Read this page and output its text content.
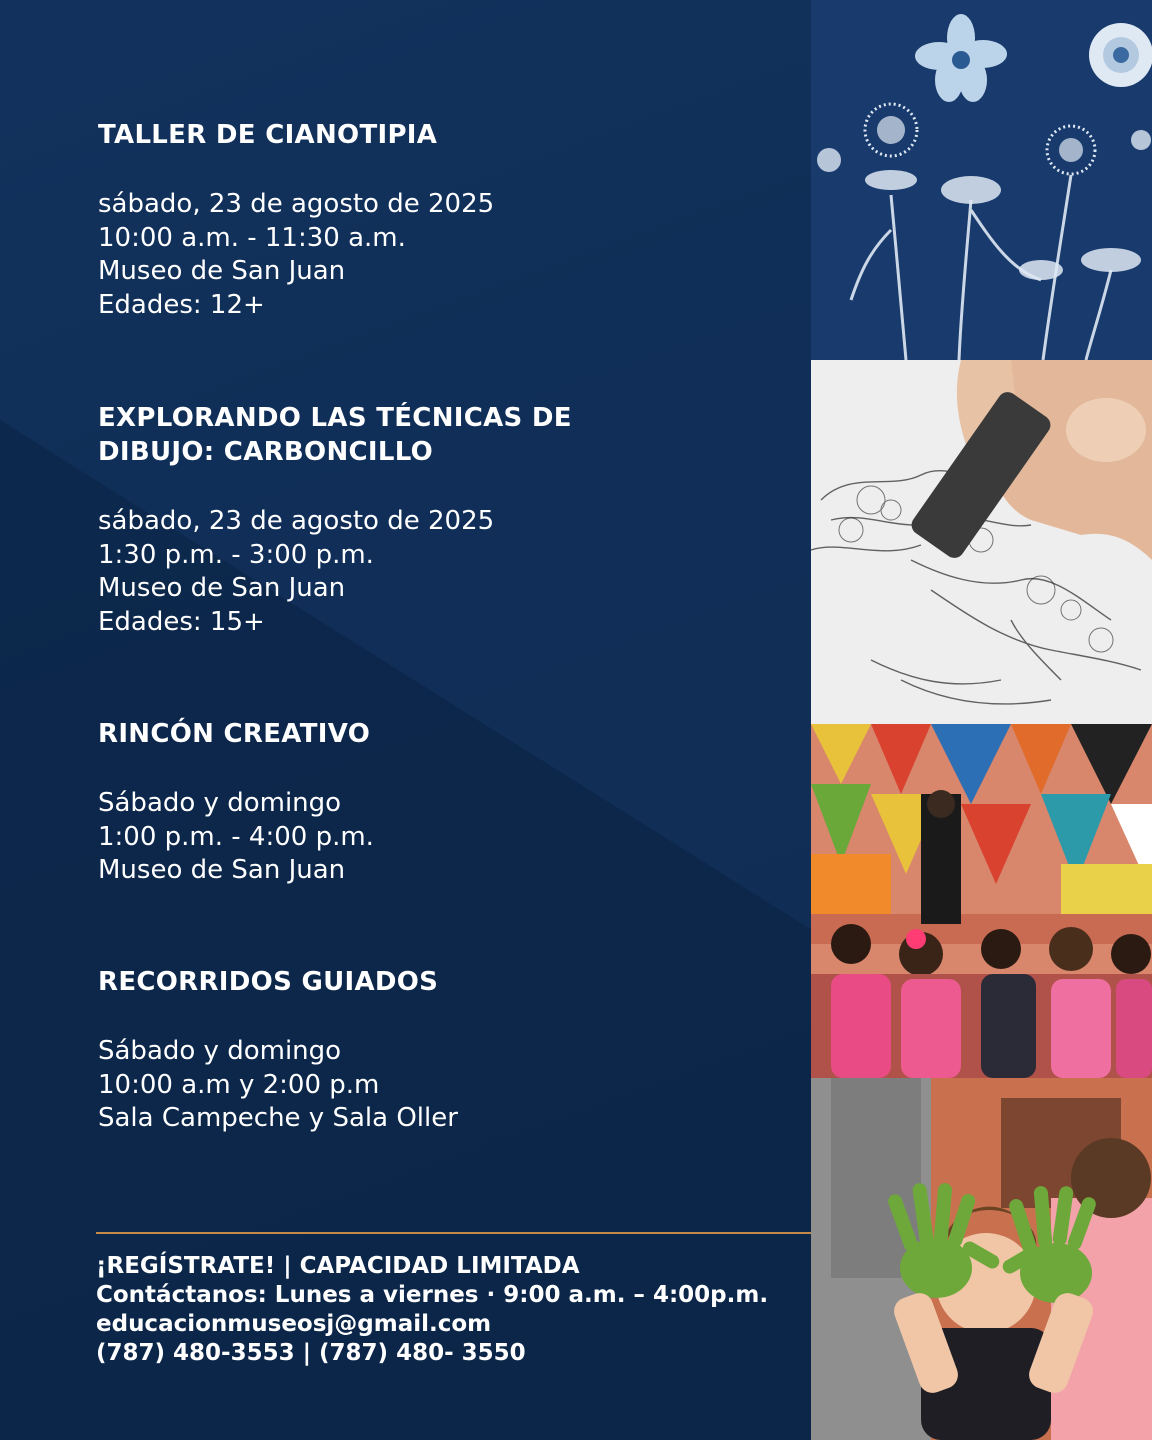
TALLER DE CIANOTIPIA
sábado, 23 de agosto de 2025
10:00 a.m. - 11:30 a.m.
Museo de San Juan
Edades: 12+
EXPLORANDO LAS TÉCNICAS DE
DIBUJO: CARBONCILLO
sábado, 23 de agosto de 2025
1:30 p.m. - 3:00 p.m.
Museo de San Juan
Edades: 15+
RINCÓN CREATIVO
Sábado y domingo
1:00 p.m. - 4:00 p.m.
Museo de San Juan
RECORRIDOS GUIADOS
Sábado y domingo
10:00 a.m y 2:00 p.m
Sala Campeche y Sala Oller
¡REGÍSTRATE! | CAPACIDAD LIMITADA
Contáctanos: Lunes a viernes · 9:00 a.m. – 4:00p.m.
educacionmuseosj@gmail.com
(787) 480-3553 | (787) 480- 3550
